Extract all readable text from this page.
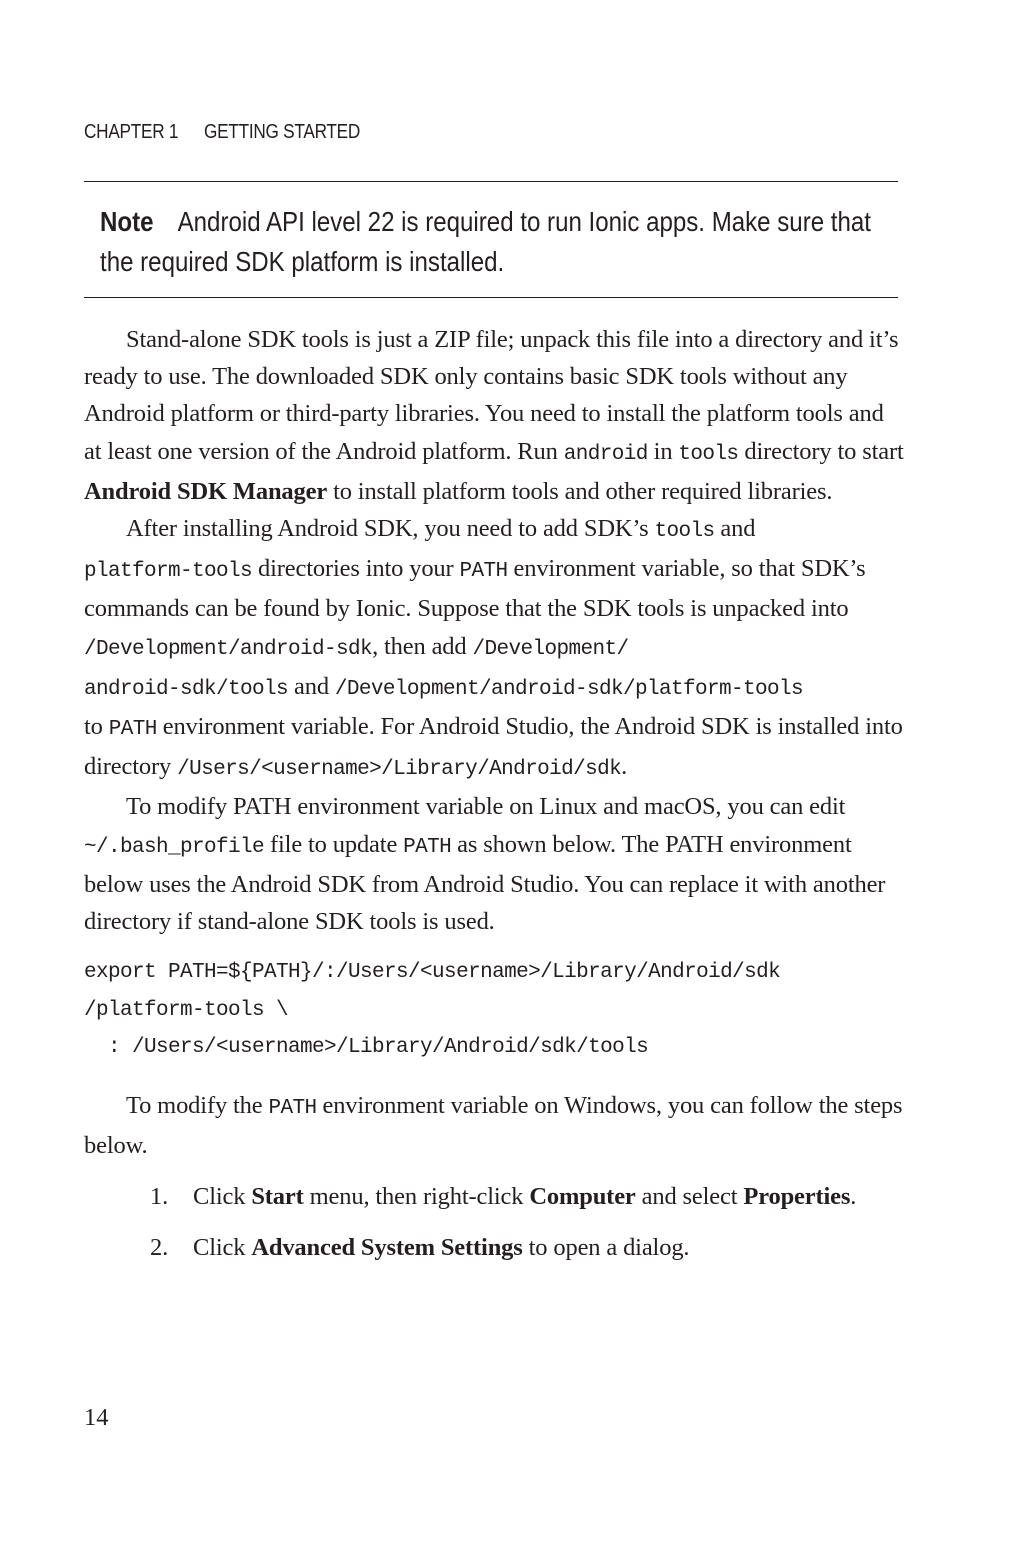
CHAPTER 1 GETTING STARTED
Note Android API level 22 is required to run Ionic apps. Make sure that the required SDK platform is installed.

Stand-alone SDK tools is just a ZIP file; unpack this file into a directory and it’s ready to use. The downloaded SDK only contains basic SDK tools without any Android platform or third-party libraries. You need to install the platform tools and at least one version of the Android platform. Run android in tools directory to start Android SDK Manager to install platform tools and other required libraries.

After installing Android SDK, you need to add SDK’s tools and
platform-tools directories into your PATH environment variable, so that SDK’s commands can be found by Ionic. Suppose that the SDK tools is unpacked into /Development/android-sdk, then add /Development/
android-sdk/tools and /Development/android-sdk/platform-tools
to PATH environment variable. For Android Studio, the Android SDK is installed into directory /Users/<username>/Library/Android/sdk.

To modify PATH environment variable on Linux and macOS, you can edit ~/.bash_profile file to update PATH as shown below. The PATH environment below uses the Android SDK from Android Studio. You can replace it with another directory if stand-alone SDK tools is used.

export PATH=${PATH}/:/Users/<username>/Library/Android/sdk
/platform-tools \
: /Users/<username>/Library/Android/sdk/tools

To modify the PATH environment variable on Windows, you can follow the steps below.

1. Click Start menu, then right-click Computer and select Properties.
2. Click Advanced System Settings to open a dialog.
14
